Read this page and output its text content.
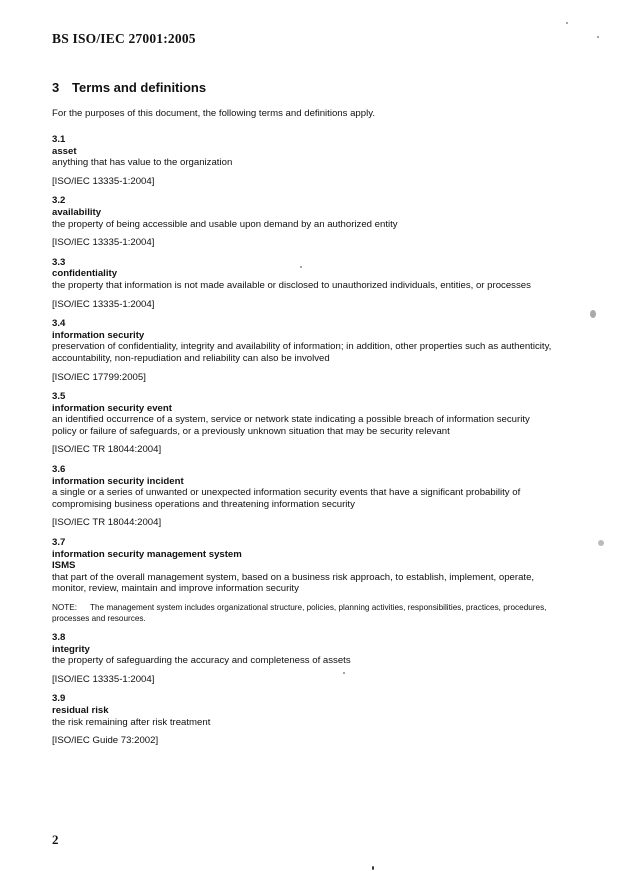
BS ISO/IEC 27001:2005
3 Terms and definitions
For the purposes of this document, the following terms and definitions apply.
3.1
asset
anything that has value to the organization
[ISO/IEC 13335-1:2004]
3.2
availability
the property of being accessible and usable upon demand by an authorized entity
[ISO/IEC 13335-1:2004]
3.3
confidentiality
the property that information is not made available or disclosed to unauthorized individuals, entities, or processes
[ISO/IEC 13335-1:2004]
3.4
information security
preservation of confidentiality, integrity and availability of information; in addition, other properties such as authenticity, accountability, non-repudiation and reliability can also be involved
[ISO/IEC 17799:2005]
3.5
information security event
an identified occurrence of a system, service or network state indicating a possible breach of information security policy or failure of safeguards, or a previously unknown situation that may be security relevant
[ISO/IEC TR 18044:2004]
3.6
information security incident
a single or a series of unwanted or unexpected information security events that have a significant probability of compromising business operations and threatening information security
[ISO/IEC TR 18044:2004]
3.7
information security management system
ISMS
that part of the overall management system, based on a business risk approach, to establish, implement, operate, monitor, review, maintain and improve information security
NOTE: The management system includes organizational structure, policies, planning activities, responsibilities, practices, procedures, processes and resources.
3.8
integrity
the property of safeguarding the accuracy and completeness of assets
[ISO/IEC 13335-1:2004]
3.9
residual risk
the risk remaining after risk treatment
[ISO/IEC Guide 73:2002]
2
